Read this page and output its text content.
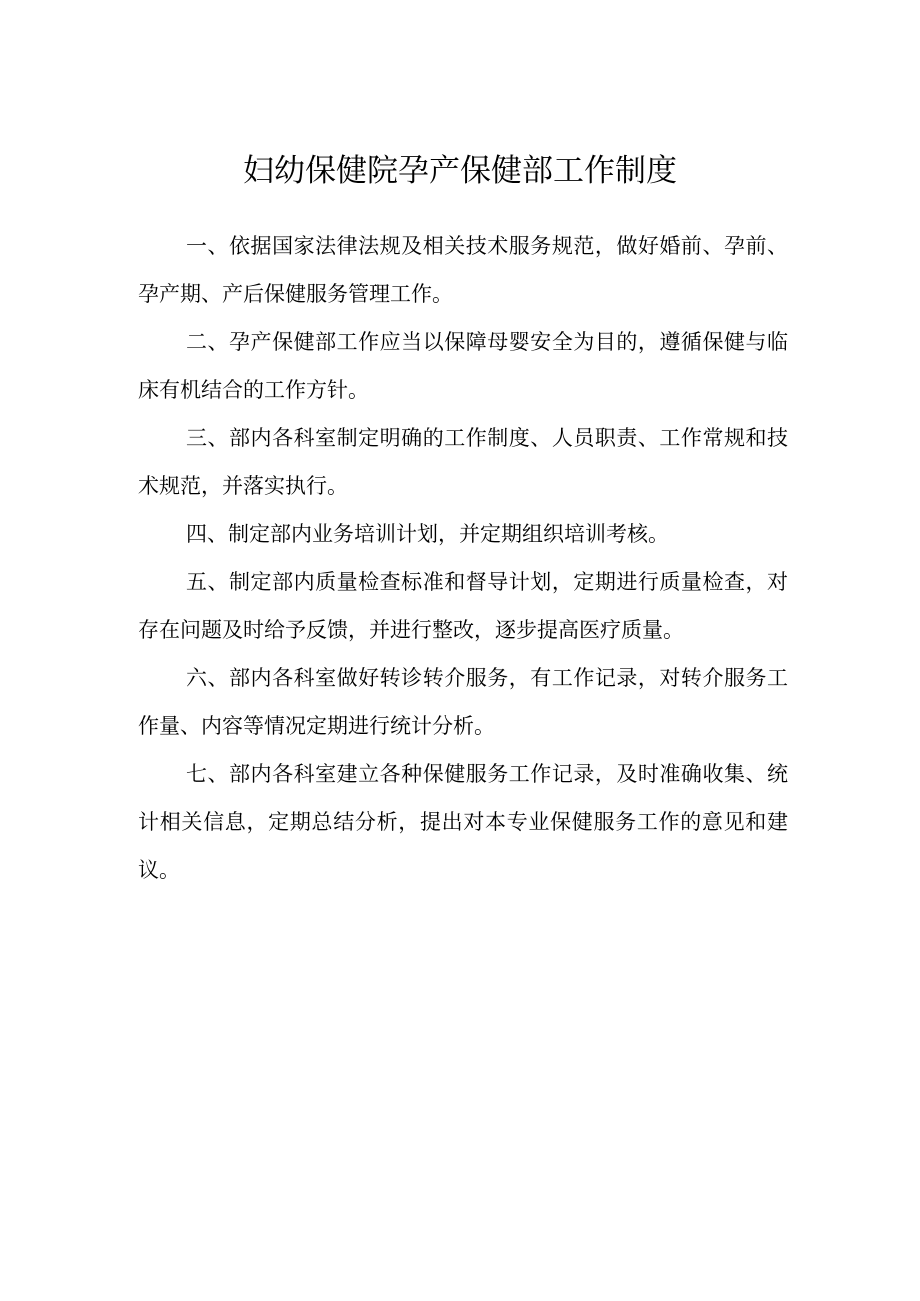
妇幼保健院孕产保健部工作制度

一、依据国家法律法规及相关技术服务规范，做好婚前、孕前、孕产期、产后保健服务管理工作。

二、孕产保健部工作应当以保障母婴安全为目的，遵循保健与临床有机结合的工作方针。

三、部内各科室制定明确的工作制度、人员职责、工作常规和技术规范，并落实执行。

四、制定部内业务培训计划，并定期组织培训考核。

五、制定部内质量检查标准和督导计划，定期进行质量检查，对存在问题及时给予反馈，并进行整改，逐步提高医疗质量。

六、部内各科室做好转诊转介服务，有工作记录，对转介服务工作量、内容等情况定期进行统计分析。

七、部内各科室建立各种保健服务工作记录，及时准确收集、统计相关信息，定期总结分析，提出对本专业保健服务工作的意见和建议。
